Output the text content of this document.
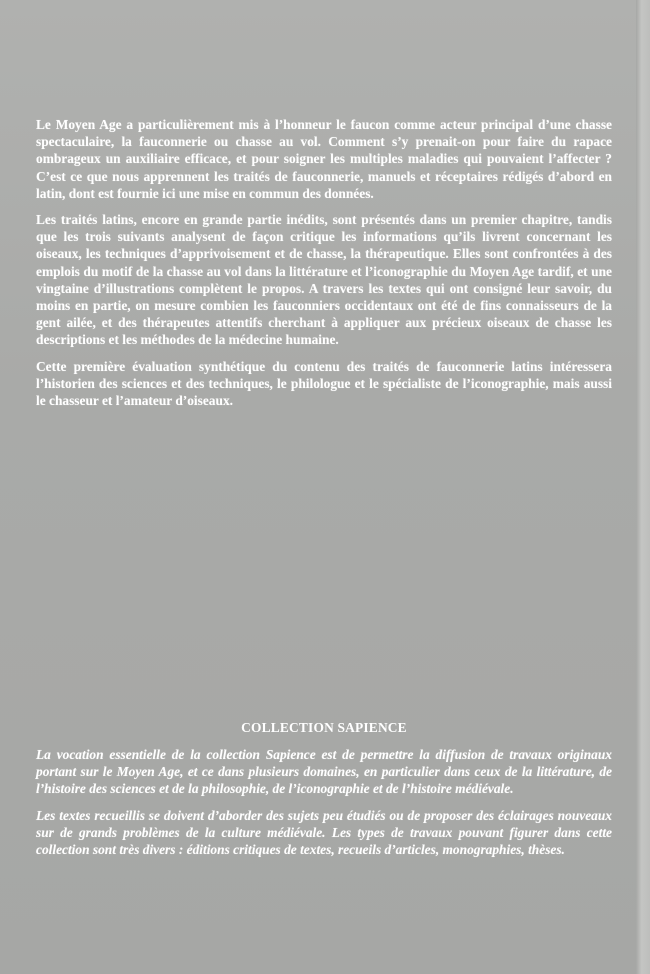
Le Moyen Age a particulièrement mis à l’honneur le faucon comme acteur principal d’une chasse spectaculaire, la fauconnerie ou chasse au vol. Comment s’y prenait-on pour faire du rapace ombrageux un auxiliaire efficace, et pour soigner les multiples maladies qui pouvaient l’affecter ? C’est ce que nous apprennent les traités de fauconnerie, manuels et réceptaires rédigés d’abord en latin, dont est fournie ici une mise en commun des données.

Les traités latins, encore en grande partie inédits, sont présentés dans un premier chapitre, tandis que les trois suivants analysent de façon critique les informations qu’ils livrent concernant les oiseaux, les techniques d’apprivoisement et de chasse, la thérapeutique. Elles sont confrontées à des emplois du motif de la chasse au vol dans la littérature et l’iconographie du Moyen Age tardif, et une vingtaine d’illustrations complètent le propos. A travers les textes qui ont consigné leur savoir, du moins en partie, on mesure combien les fauconniers occidentaux ont été de fins connaisseurs de la gent ailée, et des thérapeutes attentifs cherchant à appliquer aux précieux oiseaux de chasse les descriptions et les méthodes de la médecine humaine.

Cette première évaluation synthétique du contenu des traités de fauconnerie latins intéressera l’historien des sciences et des techniques, le philologue et le spécialiste de l’iconographie, mais aussi le chasseur et l’amateur d’oiseaux.

COLLECTION SAPIENCE

La vocation essentielle de la collection Sapience est de permettre la diffusion de travaux originaux portant sur le Moyen Age, et ce dans plusieurs domaines, en particulier dans ceux de la littérature, de l’histoire des sciences et de la philosophie, de l’iconographie et de l’histoire médiévale.

Les textes recueillis se doivent d’aborder des sujets peu étudiés ou de proposer des éclairages nouveaux sur de grands problèmes de la culture médiévale. Les types de travaux pouvant figurer dans cette collection sont très divers : éditions critiques de textes, recueils d’articles, monographies, thèses.
